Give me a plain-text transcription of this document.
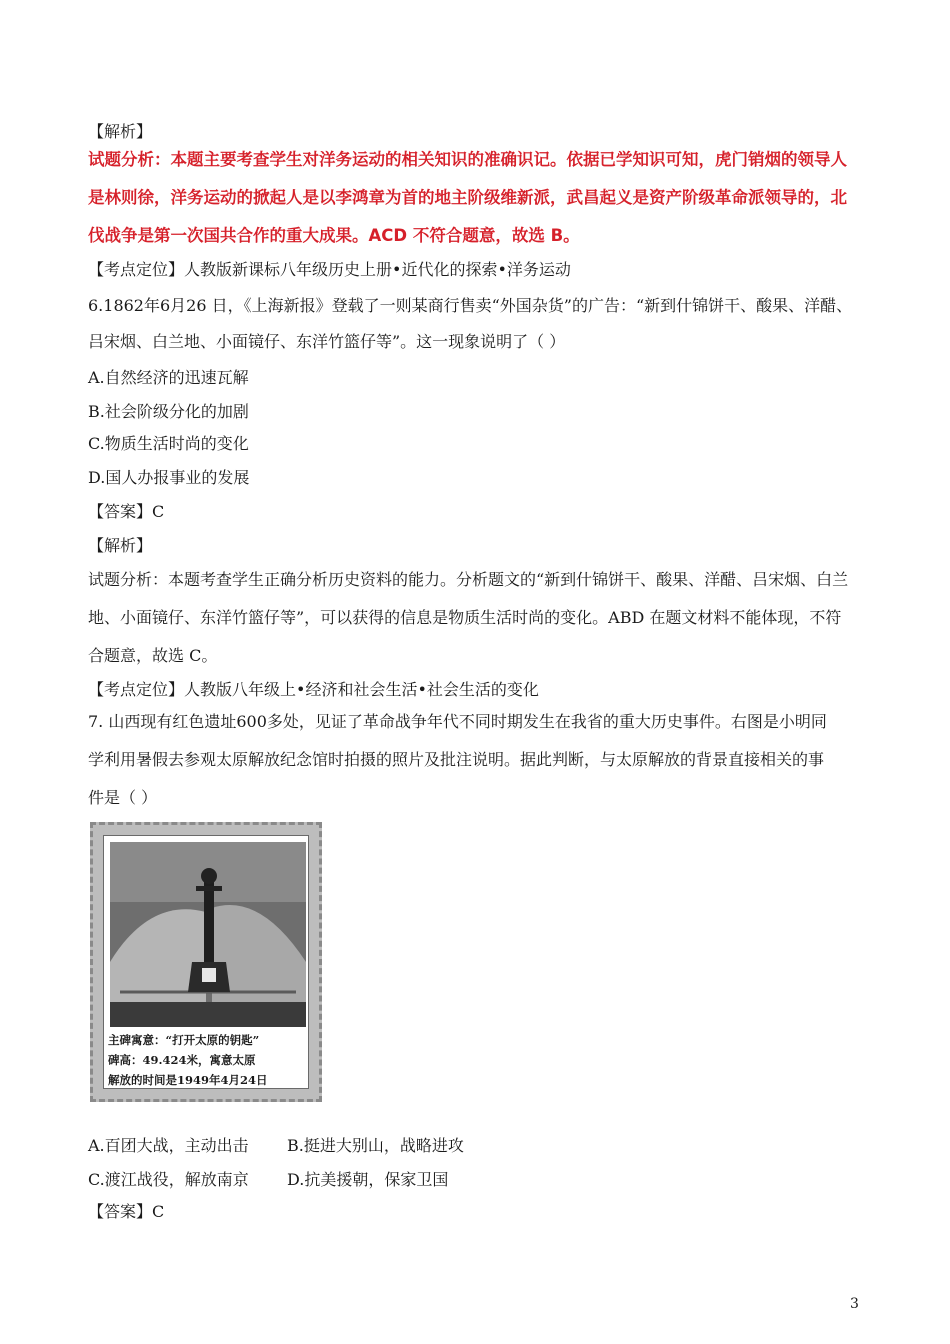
【解析】
试题分析：本题主要考查学生对洋务运动的相关知识的准确识记。依据已学知识可知，虎门销烟的领导人
是林则徐，洋务运动的掀起人是以李鸿章为首的地主阶级维新派，武昌起义是资产阶级革命派领导的，北
伐战争是第一次国共合作的重大成果。ACD 不符合题意，故选 B。
【考点定位】人教版新课标八年级历史上册•近代化的探索•洋务运动
6.1862年6月26 日，《上海新报》登载了一则某商行售卖“外国杂货”的广告：“新到什锦饼干、酸果、洋醋、
吕宋烟、白兰地、小面镜仔、东洋竹篮仔等”。这一现象说明了（ ）
A.自然经济的迅速瓦解
B.社会阶级分化的加剧
C.物质生活时尚的变化
D.国人办报事业的发展
【答案】C
【解析】
试题分析：本题考查学生正确分析历史资料的能力。分析题文的“新到什锦饼干、酸果、洋醋、吕宋烟、白兰
地、小面镜仔、东洋竹篮仔等”，可以获得的信息是物质生活时尚的变化。ABD 在题文材料不能体现，不符
合题意，故选 C。
【考点定位】人教版八年级上•经济和社会生活•社会生活的变化
7. 山西现有红色遗址600多处，见证了革命战争年代不同时期发生在我省的重大历史事件。右图是小明同
学利用暑假去参观太原解放纪念馆时拍摄的照片及批注说明。据此判断，与太原解放的背景直接相关的事
件是（ ）
主碑寓意：“打开太原的钥匙”
碑高：49.424米，寓意太原
解放的时间是1949年4月24日
A.百团大战，主动出击	B.挺进大别山，战略进攻
C.渡江战役，解放南京	D.抗美援朝，保家卫国
【答案】C
3
